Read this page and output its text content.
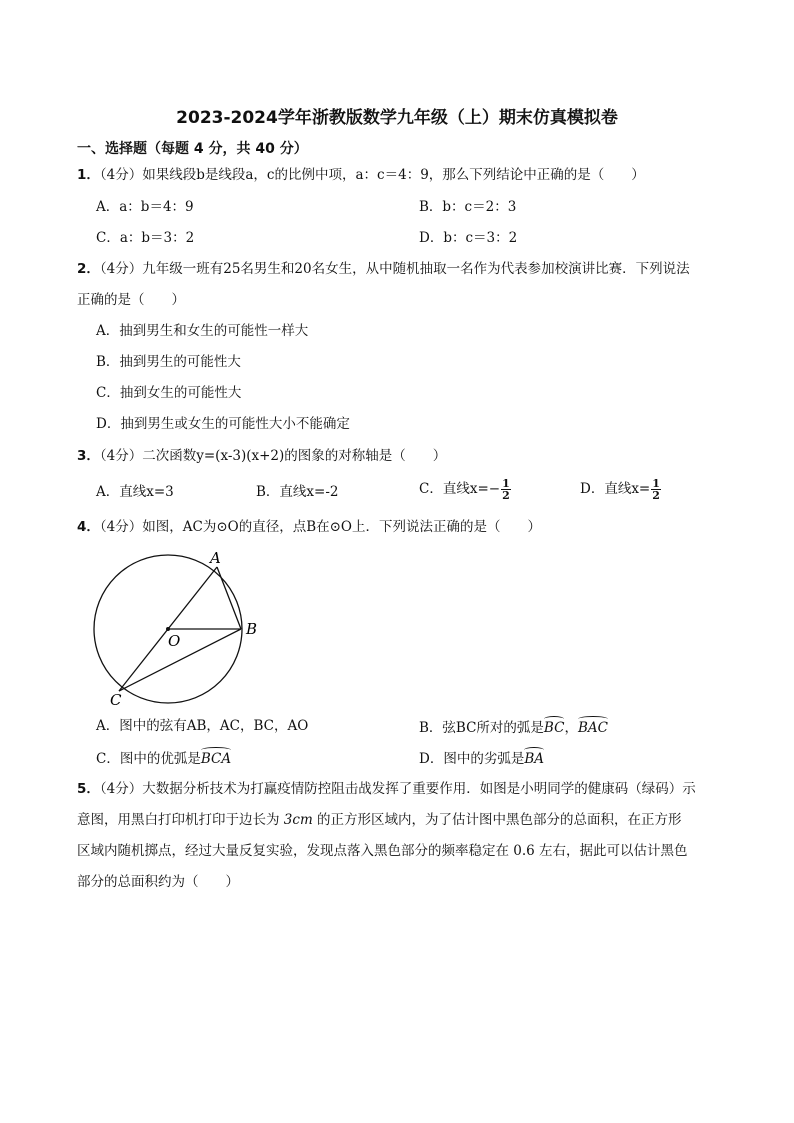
2023-2024学年浙教版数学九年级（上）期末仿真模拟卷
一、选择题（每题 4 分，共 40 分）
1．（4分）如果线段b是线段a，c的比例中项，a：c＝4：9，那么下列结论中正确的是（　　）
A．a：b＝4：9	B．b：c＝2：3
C．a：b＝3：2	D．b：c＝3：2
2．（4分）九年级一班有25名男生和20名女生，从中随机抽取一名作为代表参加校演讲比赛．下列说法
正确的是（　　）
A．抽到男生和女生的可能性一样大
B．抽到男生的可能性大
C．抽到女生的可能性大
D．抽到男生或女生的可能性大小不能确定
3．（4分）二次函数y=(x-3)(x+2)的图象的对称轴是（　　）
A．直线x=3	B．直线x=-2	C．直线$x=- \frac{1}{2}$	D．直线$x= \frac{1}{2}$
4．（4分）如图，AC为⊙O的直径，点B在⊙O上．下列说法正确的是（　　）
A
B
C
O
A．图中的弦有AB，AC，BC，AO	B．弦BC所对的弧是BC，BAC
C．图中的优弧是BCA	D．图中的劣弧是BA
5．（4分）大数据分析技术为打赢疫情防控阻击战发挥了重要作用．如图是小明同学的健康码（绿码）示
意图，用黑白打印机打印于边长为 3cm 的正方形区域内，为了估计图中黑色部分的总面积，在正方形
区域内随机掷点，经过大量反复实验，发现点落入黑色部分的频率稳定在 0.6 左右，据此可以估计黑色
部分的总面积约为（　　）
